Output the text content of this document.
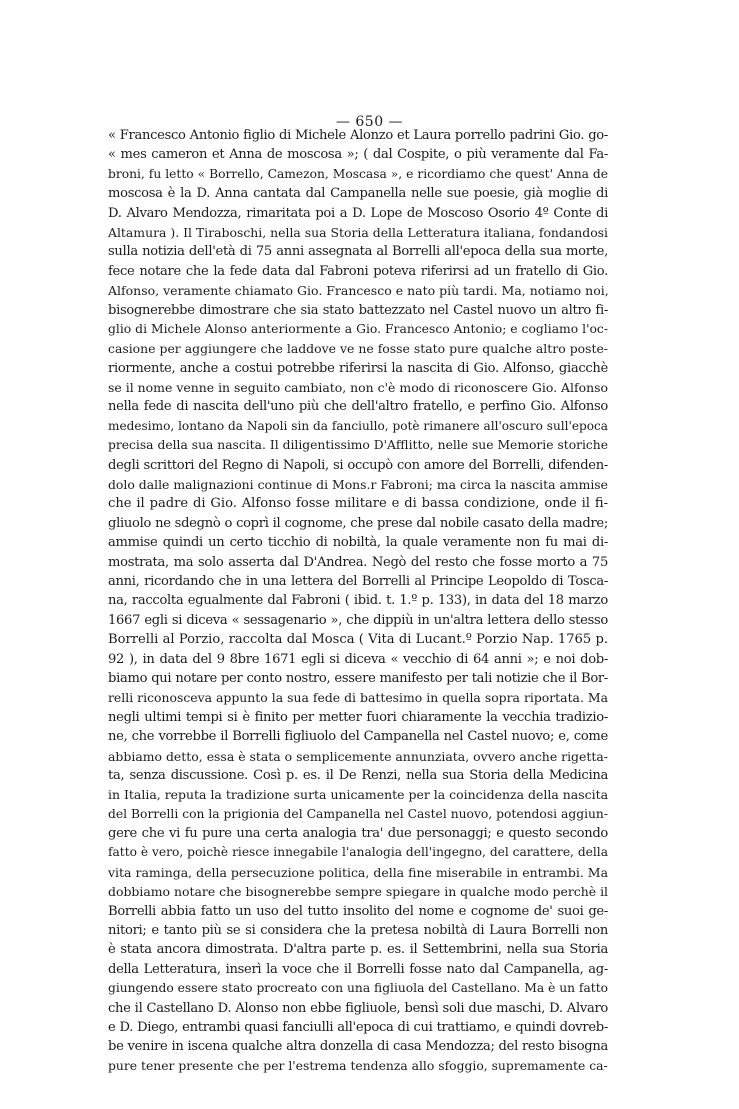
— 650 —
« Francesco Antonio figlio di Michele Alonzo et Laura porrello padrini Gio. go-
« mes cameron et Anna de moscosa »; ( dal Cospite, o più veramente dal Fa-
broni, fu letto « Borrello, Camezon, Moscasa », e ricordiamo che quest' Anna de
moscosa è la D. Anna cantata dal Campanella nelle sue poesie, già moglie di
D. Alvaro Mendozza, rimaritata poi a D. Lope de Moscoso Osorio 4º Conte di
Altamura ). Il Tiraboschi, nella sua Storia della Letteratura italiana, fondandosi
sulla notizia dell'età di 75 anni assegnata al Borrelli all'epoca della sua morte,
fece notare che la fede data dal Fabroni poteva riferirsi ad un fratello di Gio.
Alfonso, veramente chiamato Gio. Francesco e nato più tardi. Ma, notiamo noi,
bisognerebbe dimostrare che sia stato battezzato nel Castel nuovo un altro fi-
glio di Michele Alonso anteriormente a Gio. Francesco Antonio; e cogliamo l'oc-
casione per aggiungere che laddove ve ne fosse stato pure qualche altro poste-
riormente, anche a costui potrebbe riferirsi la nascita di Gio. Alfonso, giacchè
se il nome venne in seguito cambiato, non c'è modo di riconoscere Gio. Alfonso
nella fede di nascita dell'uno più che dell'altro fratello, e perfino Gio. Alfonso
medesimo, lontano da Napoli sin da fanciullo, potè rimanere all'oscuro sull'epoca
precisa della sua nascita. Il diligentissimo D'Afflitto, nelle sue Memorie storiche
degli scrittori del Regno di Napoli, si occupò con amore del Borrelli, difenden-
dolo dalle malignazioni continue di Mons.r Fabroni; ma circa la nascita ammise
che il padre di Gio. Alfonso fosse militare e di bassa condizione, onde il fi-
gliuolo ne sdegnò o coprì il cognome, che prese dal nobile casato della madre;
ammise quindi un certo ticchio di nobiltà, la quale veramente non fu mai di-
mostrata, ma solo asserta dal D'Andrea. Negò del resto che fosse morto a 75
anni, ricordando che in una lettera del Borrelli al Principe Leopoldo di Tosca-
na, raccolta egualmente dal Fabroni ( ibid. t. 1.º p. 133), in data del 18 marzo
1667 egli si diceva « sessagenario », che dippiù in un'altra lettera dello stesso
Borrelli al Porzio, raccolta dal Mosca ( Vita di Lucant.º Porzio Nap. 1765 p.
92 ), in data del 9 8bre 1671 egli si diceva « vecchio di 64 anni »; e noi dob-
biamo qui notare per conto nostro, essere manifesto per tali notizie che il Bor-
relli riconosceva appunto la sua fede di battesimo in quella sopra riportata. Ma
negli ultimi tempi si è finito per metter fuori chiaramente la vecchia tradizio-
ne, che vorrebbe il Borrelli figliuolo del Campanella nel Castel nuovo; e, come
abbiamo detto, essa è stata o semplicemente annunziata, ovvero anche rigetta-
ta, senza discussione. Così p. es. il De Renzi, nella sua Storia della Medicina
in Italia, reputa la tradizione surta unicamente per la coincidenza della nascita
del Borrelli con la prigionia del Campanella nel Castel nuovo, potendosi aggiun-
gere che vi fu pure una certa analogia tra' due personaggi; e questo secondo
fatto è vero, poichè riesce innegabile l'analogia dell'ingegno, del carattere, della
vita raminga, della persecuzione politica, della fine miserabile in entrambi. Ma
dobbiamo notare che bisognerebbe sempre spiegare in qualche modo perchè il
Borrelli abbia fatto un uso del tutto insolito del nome e cognome de' suoi ge-
nitori; e tanto più se si considera che la pretesa nobiltà di Laura Borrelli non
è stata ancora dimostrata. D'altra parte p. es. il Settembrini, nella sua Storia
della Letteratura, inserì la voce che il Borrelli fosse nato dal Campanella, ag-
giungendo essere stato procreato con una figliuola del Castellano. Ma è un fatto
che il Castellano D. Alonso non ebbe figliuole, bensì soli due maschi, D. Alvaro
e D. Diego, entrambi quasi fanciulli all'epoca di cui trattiamo, e quindi dovreb-
be venire in iscena qualche altra donzella di casa Mendozza; del resto bisogna
pure tener presente che per l'estrema tendenza allo sfoggio, supremamente ca-
